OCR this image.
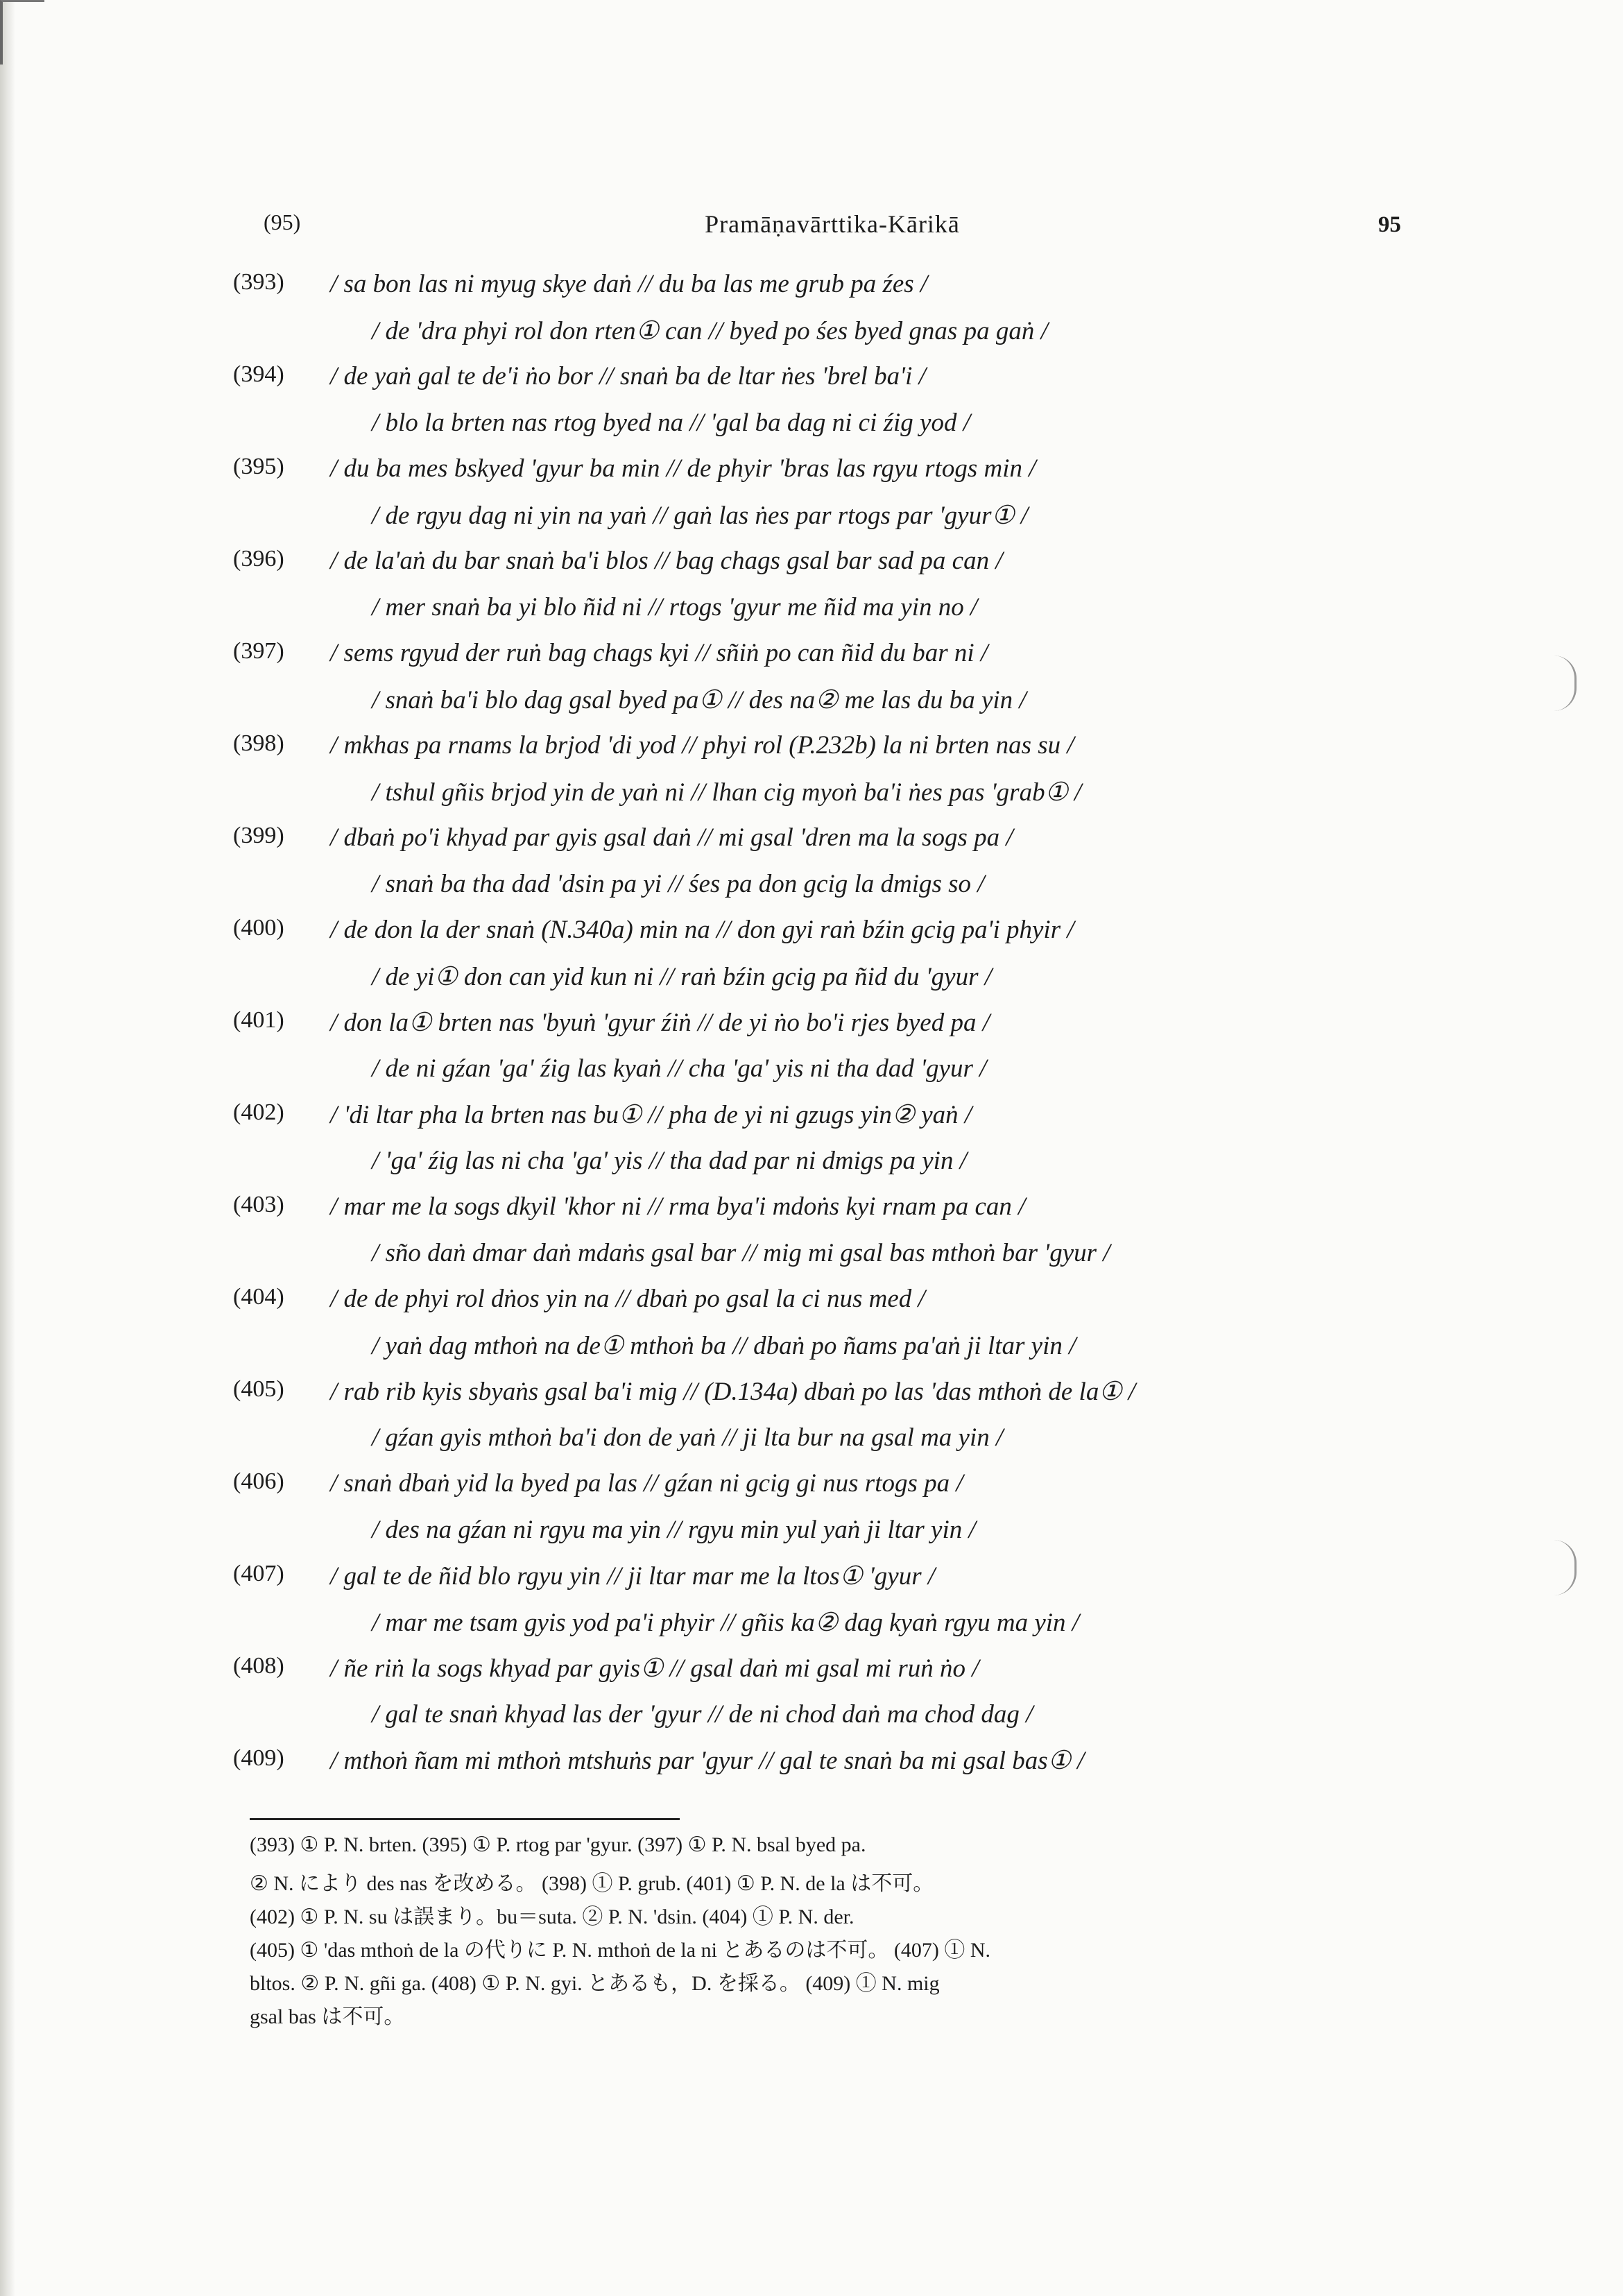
(95)	Pramāṇavārttika-Kārikā	95
(393) / sa bon las ni myug skye daṅ // du ba las me grub pa źes /
/ de 'dra phyi rol don rten① can // byed po śes byed gnas pa gaṅ /
(394) / de yaṅ gal te de'i ṅo bor // snaṅ ba de ltar ṅes 'brel ba'i /
/ blo la brten nas rtog byed na // 'gal ba dag ni ci źig yod /
(395) / du ba mes bskyed 'gyur ba min // de phyir 'bras las rgyu rtogs min /
/ de rgyu dag ni yin na yaṅ // gaṅ las ṅes par rtogs par 'gyur① /
(396) / de la'aṅ du bar snaṅ ba'i blos // bag chags gsal bar sad pa can /
/ mer snaṅ ba yi blo ñid ni // rtogs 'gyur me ñid ma yin no /
(397) / sems rgyud der ruṅ bag chags kyi // sñiṅ po can ñid du bar ni /
/ snaṅ ba'i blo dag gsal byed pa① // des na② me las du ba yin /
(398) / mkhas pa rnams la brjod 'di yod // phyi rol (P.232b) la ni brten nas su /
/ tshul gñis brjod yin de yaṅ ni // lhan cig myoṅ ba'i ṅes pas 'grab① /
(399) / dbaṅ po'i khyad par gyis gsal daṅ // mi gsal 'dren ma la sogs pa /
/ snaṅ ba tha dad 'dsin pa yi // śes pa don gcig la dmigs so /
(400) / de don la der snaṅ (N.340a) min na // don gyi raṅ bźin gcig pa'i phyir /
/ de yi① don can yid kun ni // raṅ bźin gcig pa ñid du 'gyur /
(401) / don la① brten nas 'byuṅ 'gyur źiṅ // de yi ṅo bo'i rjes byed pa /
/ de ni gźan 'ga' źig las kyaṅ // cha 'ga' yis ni tha dad 'gyur /
(402) / 'di ltar pha la brten nas bu① // pha de yi ni gzugs yin② yaṅ /
/ 'ga' źig las ni cha 'ga' yis // tha dad par ni dmigs pa yin /
(403) / mar me la sogs dkyil 'khor ni // rma bya'i mdoṅs kyi rnam pa can /
/ sño daṅ dmar daṅ mdaṅs gsal bar // mig mi gsal bas mthoṅ bar 'gyur /
(404) / de de phyi rol dṅos yin na // dbaṅ po gsal la ci nus med /
/ yaṅ dag mthoṅ na de① mthoṅ ba // dbaṅ po ñams pa'aṅ ji ltar yin /
(405) / rab rib kyis sbyaṅs gsal ba'i mig // (D.134a) dbaṅ po las 'das mthoṅ de la① /
/ gźan gyis mthoṅ ba'i don de yaṅ // ji lta bur na gsal ma yin /
(406) / snaṅ dbaṅ yid la byed pa las // gźan ni gcig gi nus rtogs pa /
/ des na gźan ni rgyu ma yin // rgyu min yul yaṅ ji ltar yin /
(407) / gal te de ñid blo rgyu yin // ji ltar mar me la ltos① 'gyur /
/ mar me tsam gyis yod pa'i phyir // gñis ka② dag kyaṅ rgyu ma yin /
(408) / ñe riṅ la sogs khyad par gyis① // gsal daṅ mi gsal mi ruṅ ṅo /
/ gal te snaṅ khyad las der 'gyur // de ni chod daṅ ma chod dag /
(409) / mthoṅ ñam mi mthoṅ mtshuṅs par 'gyur // gal te snaṅ ba mi gsal bas① /
(393) ① P. N. brten. (395) ① P. rtog par 'gyur. (397) ① P. N. bsal byed pa.
② N. により des nas を改める。 (398) ① P. grub. (401) ① P. N. de la は不可。
(402) ① P. N. su は誤まり。bu＝suta. ② P. N. 'dsin. (404) ① P. N. der.
(405) ① 'das mthoṅ de la の代りに P. N. mthoṅ de la ni とあるのは不可。 (407) ① N.
bltos. ② P. N. gñi ga. (408) ① P. N. gyi. とあるも，D. を採る。 (409) ① N. mig
gsal bas は不可。
